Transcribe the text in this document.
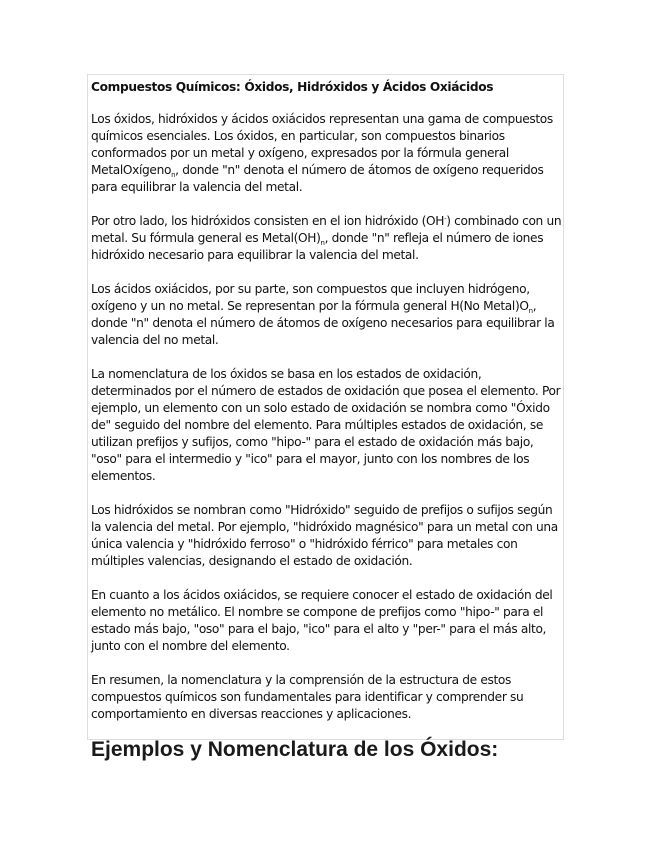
Compuestos Químicos: Óxidos, Hidróxidos y Ácidos Oxiácidos

Los óxidos, hidróxidos y ácidos oxiácidos representan una gama de compuestos químicos esenciales. Los óxidos, en particular, son compuestos binarios conformados por un metal y oxígeno, expresados por la fórmula general MetalOxígeno$_n$, donde "n" denota el número de átomos de oxígeno requeridos para equilibrar la valencia del metal.

Por otro lado, los hidróxidos consisten en el ion hidróxido (OH-) combinado con un metal. Su fórmula general es $Metal(OH)_n$, donde "n" refleja el número de iones hidróxido necesario para equilibrar la valencia del metal.

Los ácidos oxiácidos, por su parte, son compuestos que incluyen hidrógeno, oxígeno y un no metal. Se representan por la fórmula general H(No $Metal)O_n$, donde "n" denota el número de átomos de oxígeno necesarios para equilibrar la valencia del no metal.

La nomenclatura de los óxidos se basa en los estados de oxidación, determinados por el número de estados de oxidación que posea el elemento. Por ejemplo, un elemento con un solo estado de oxidación se nombra como "Óxido de" seguido del nombre del elemento. Para múltiples estados de oxidación, se utilizan prefijos y sufijos, como "hipo-" para el estado de oxidación más bajo, "oso" para el intermedio y "ico" para el mayor, junto con los nombres de los elementos.

Los hidróxidos se nombran como "Hidróxido" seguido de prefijos o sufijos según la valencia del metal. Por ejemplo, "hidróxido magnésico" para un metal con una única valencia y "hidróxido ferroso" o "hidróxido férrico" para metales con múltiples valencias, designando el estado de oxidación.

En cuanto a los ácidos oxiácidos, se requiere conocer el estado de oxidación del elemento no metálico. El nombre se compone de prefijos como "hipo-" para el estado más bajo, "oso" para el bajo, "ico" para el alto y "per-" para el más alto, junto con el nombre del elemento.

En resumen, la nomenclatura y la comprensión de la estructura de estos compuestos químicos son fundamentales para identificar y comprender su comportamiento en diversas reacciones y aplicaciones.

Ejemplos y Nomenclatura de los Óxidos:
